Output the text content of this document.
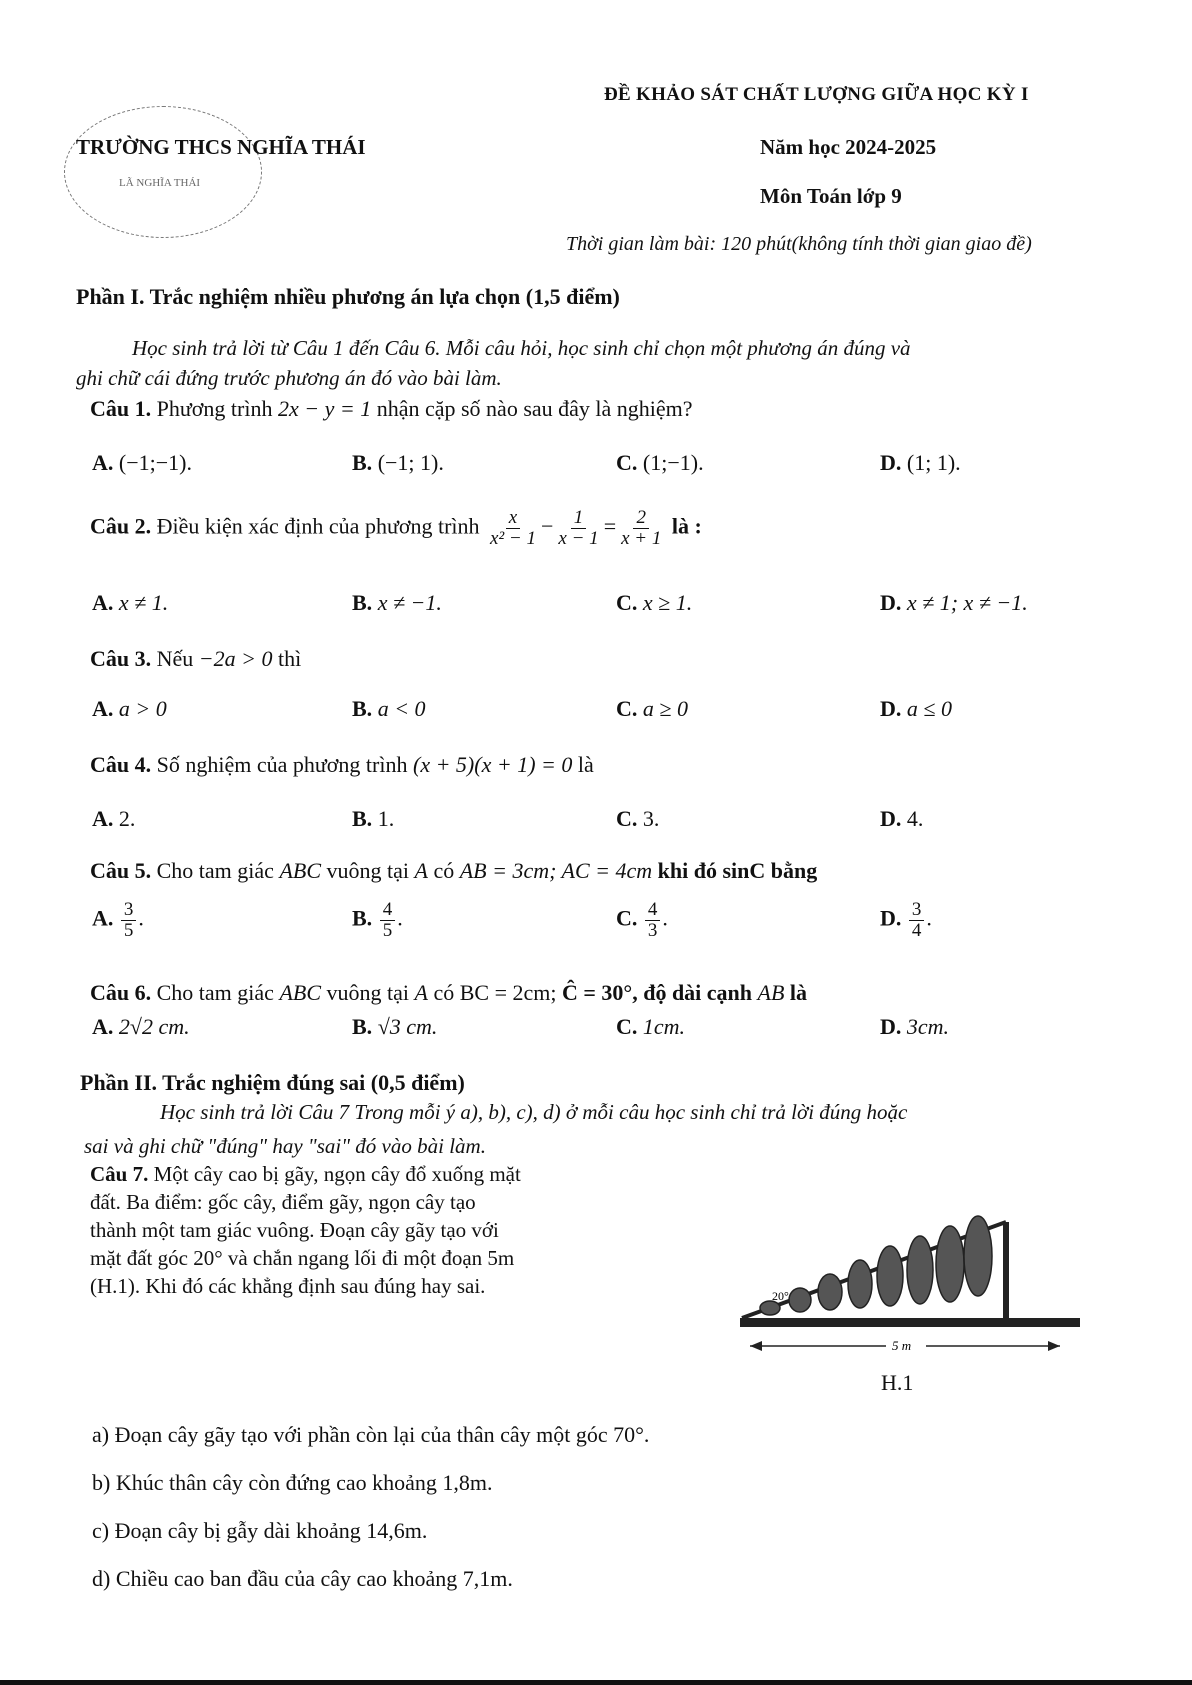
ĐỀ KHẢO SÁT CHẤT LƯỢNG GIỮA HỌC KỲ I
LÃ NGHĨA THÁI
TRƯỜNG THCS NGHĨA THÁI	Năm học 2024-2025
Môn Toán lớp 9
Thời gian làm bài: 120 phút(không tính thời gian giao đề)
Phần I. Trắc nghiệm nhiều phương án lựa chọn (1,5 điểm)
Học sinh trả lời từ Câu 1 đến Câu 6. Mỗi câu hỏi, học sinh chỉ chọn một phương án đúng và
ghi chữ cái đứng trước phương án đó vào bài làm.
Câu 1. Phương trình 2x − y = 1 nhận cặp số nào sau đây là nghiệm?
A. (−1;−1).	B. (−1; 1).	C. (1;−1).	D. (1; 1).
Câu 2. Điều kiện xác định của phương trình $\frac{x}{\text{x² − 1}} - \frac{1}{x - 1} = \frac{2}{x + 1}$ là :
A. x ≠ 1.	B. x ≠ −1.	C. x ≥ 1.	D. x ≠ 1; x ≠ −1.
Câu 3. Nếu −2a > 0 thì
A. a > 0	B. a < 0	C. a ≥ 0	D. a ≤ 0
Câu 4. Số nghiệm của phương trình (x + 5)(x + 1) = 0 là
A. 2.	B. 1.	C. 3.	D. 4.
Câu 5. Cho tam giác ABC vuông tại A có AB = 3cm; AC = 4cm khi đó sinC bằng
A. $\frac{3}{5}$ .	B. $\frac{4}{5}$ .	C. $\frac{4}{3}$ .	D. $\frac{3}{4}$ .
Câu 6. Cho tam giác ABC vuông tại A có BC = 2cm; Ĉ = 30°, độ dài cạnh AB là
A. 2√2 cm.	B. √3 cm.	C. 1cm.	D. 3cm.
Phần II. Trắc nghiệm đúng sai (0,5 điểm)
Học sinh trả lời Câu 7 Trong mỗi ý a), b), c), d) ở mỗi câu học sinh chỉ trả lời đúng hoặc
sai và ghi chữ "đúng" hay "sai" đó vào bài làm.
Câu 7. Một cây cao bị gãy, ngọn cây đổ xuống mặt
đất. Ba điểm: gốc cây, điểm gãy, ngọn cây tạo
thành một tam giác vuông. Đoạn cây gãy tạo với
mặt đất góc 20° và chắn ngang lối đi một đoạn 5m
(H.1). Khi đó các khẳng định sau đúng hay sai.	20°
5 m
H.1
a) Đoạn cây gãy tạo với phần còn lại của thân cây một góc 70°.
b) Khúc thân cây còn đứng cao khoảng 1,8m.
c) Đoạn cây bị gẫy dài khoảng 14,6m.
d) Chiều cao ban đầu của cây cao khoảng 7,1m.
